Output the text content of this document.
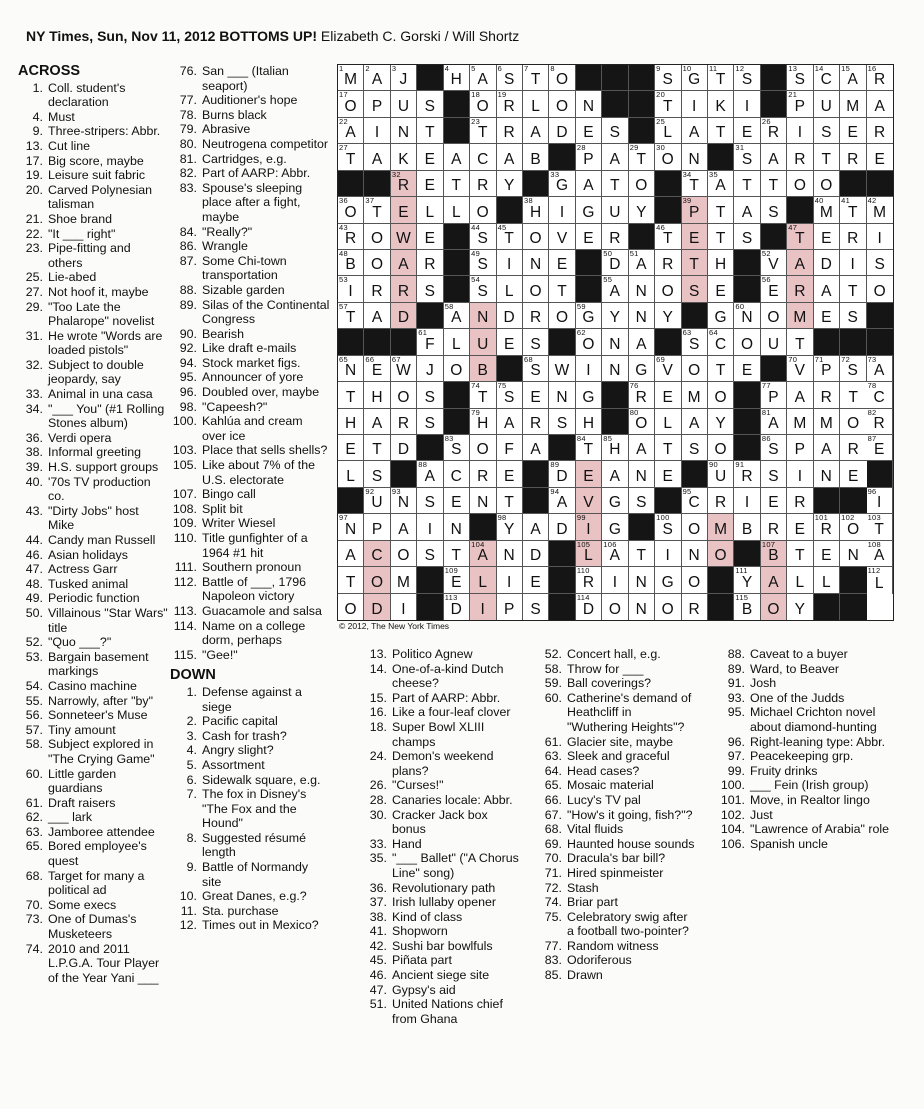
NY Times, Sun, Nov 11, 2012 BOTTOMS UP! Elizabeth C. Gorski / Will Shortz
ACROSS
1. Coll. student's declaration
4. Must
9. Three-stripers: Abbr.
13. Cut line
17. Big score, maybe
19. Leisure suit fabric
20. Carved Polynesian talisman
21. Shoe brand
22. "It ___ right"
23. Pipe-fitting and others
25. Lie-abed
27. Not hoof it, maybe
29. "Too Late the Phalarope" novelist
31. He wrote "Words are loaded pistols"
32. Subject to double jeopardy, say
33. Animal in una casa
34. "___ You" (#1 Rolling Stones album)
36. Verdi opera
38. Informal greeting
39. H.S. support groups
40. '70s TV production co.
43. "Dirty Jobs" host Mike
44. Candy man Russell
46. Asian holidays
47. Actress Garr
48. Tusked animal
49. Periodic function
50. Villainous "Star Wars" title
52. "Quo ___?"
53. Bargain basement markings
54. Casino machine
55. Narrowly, after "by"
56. Sonneteer's Muse
57. Tiny amount
58. Subject explored in "The Crying Game"
60. Little garden guardians
61. Draft raisers
62. ___ lark
63. Jamboree attendee
65. Bored employee's quest
68. Target for many a political ad
70. Some execs
73. One of Dumas's Musketeers
74. 2010 and 2011 L.P.G.A. Tour Player of the Year Yani ___
76. San ___ (Italian seaport)
77. Auditioner's hope
78. Burns black
79. Abrasive
80. Neutrogena competitor
81. Cartridges, e.g.
82. Part of AARP: Abbr.
83. Spouse's sleeping place after a fight, maybe
84. "Really?"
86. Wrangle
87. Some Chi-town transportation
88. Sizable garden
89. Silas of the Continental Congress
90. Bearish
92. Like draft e-mails
94. Stock market figs.
95. Announcer of yore
96. Doubled over, maybe
98. "Capeesh?"
100. Kahlúa and cream over ice
103. Place that sells shells?
105. Like about 7% of the U.S. electorate
107. Bingo call
108. Split bit
109. Writer Wiesel
110. Title gunfighter of a 1964 #1 hit
111. Southern pronoun
112. Battle of ___, 1796 Napoleon victory
113. Guacamole and salsa
114. Name on a college dorm, perhaps
115. "Gee!"
DOWN
1. Defense against a siege
2. Pacific capital
3. Cash for trash?
4. Angry slight?
5. Assortment
6. Sidewalk square, e.g.
7. The fox in Disney's "The Fox and the Hound"
8. Suggested résumé length
9. Battle of Normandy site
10. Great Danes, e.g.?
11. Sta. purchase
12. Times out in Mexico?
1
M
2
A
3
J
4
H
5
A
6
S
7
T
8
O
9
S
10
G
11
T
12
S
13
S
14
C
15
A
16
R
17
O P U S
18
O
19
R L O N
20
T I K I
21
P U M A
22
A I N T
23
T R A D E S
25
L A T E
26
R I S E R
27
T A K E A C A B
28
P A
29
T
30
O N
31
S A R T R E
32
R E T R Y
33
G A T O
34
T
35
A T T O O
36
O
37
T E L L O
38
H I G U Y
39
P T A S
40
M
41
T
42
M
43
R O W E
44
S
45
T O V E R
46
T E T S
47
T E R I
48
B O A R
49
S I N E
50
D
51
A R T H
52
V A D I S
53
I R R S
54
S L O T
55
A N O S E
56
E R A T O
57
T A D
58
A N D R O
59
G Y N Y	G
60
N O M E S
61
F L U E S
62
O N A
63
S
64
C O U T
65
N
66
E
67
W J O B
68
S W I N G
69
V O T E
70
V
71
P
72
S
73
A
T H O S
74
T
75
S E N G
76
R E M O
77
P A R T
78
C
H A R S
79
H A R S H
80
O L A Y
81
A M M O
82
R
E T D
83
S O F A
84
T
85
H A T S O
86
S P A R
87
E
L S
88
A C R E
89
D E A N E
90
U
91
R S I N E
92
U
93
N S E N T
94
A V G S
95
C R I E R
96
I
97
N P A I N
98
Y A D
99
I G
100
S O M B R E
101
R
102
O
103
T
A C O S T
104
A N D
105
L
106
A T I N O
107
B T E N
108
A
T O M
109
E L I E
110
R I N G O
111
Y A L L
112
L
O D I
113
D I P S
114
D O N O R
115
B O Y
© 2012, The New York Times
13. Politico Agnew
14. One-of-a-kind Dutch cheese?
15. Part of AARP: Abbr.
16. Like a four-leaf clover
18. Super Bowl XLIII champs
24. Demon's weekend plans?
26. "Curses!"
28. Canaries locale: Abbr.
30. Cracker Jack box bonus
33. Hand
35. "___ Ballet" ("A Chorus Line" song)
36. Revolutionary path
37. Irish lullaby opener
38. Kind of class
41. Shopworn
42. Sushi bar bowlfuls
45. Piñata part
46. Ancient siege site
47. Gypsy's aid
51. United Nations chief from Ghana
52. Concert hall, e.g.
58. Throw for ___
59. Ball coverings?
60. Catherine's demand of Heathcliff in "Wuthering Heights"?
61. Glacier site, maybe
63. Sleek and graceful
64. Head cases?
65. Mosaic material
66. Lucy's TV pal
67. "How's it going, fish?"?
68. Vital fluids
69. Haunted house sounds
70. Dracula's bar bill?
71. Hired spinmeister
72. Stash
74. Briar part
75. Celebratory swig after a football two-pointer?
77. Random witness
83. Odoriferous
85. Drawn
88. Caveat to a buyer
89. Ward, to Beaver
91. Josh
93. One of the Judds
95. Michael Crichton novel about diamond-hunting
96. Right-leaning type: Abbr.
97. Peacekeeping grp.
99. Fruity drinks
100. ___ Fein (Irish group)
101. Move, in Realtor lingo
102. Just
104. "Lawrence of Arabia" role
106. Spanish uncle
